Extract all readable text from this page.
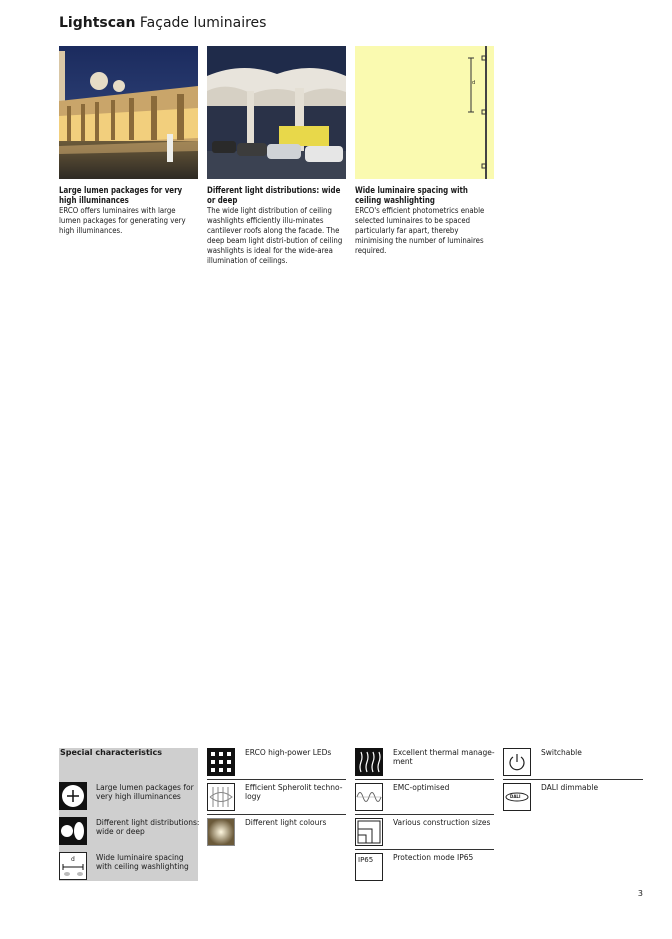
Lightscan Façade luminaires
d
Large lumen packages for very high illuminances
ERCO offers luminaires with large lumen packages for generating very high illuminances.
Different light distributions: wide or deep
The wide light distribution of ceiling washlights efficiently illu-minates cantilever roofs along the facade. The deep beam light distri-bution of ceiling washlights is ideal for the wide-area illumination of ceilings.
Wide luminaire spacing with ceiling washlighting
ERCO's efficient photometrics enable selected luminaires to be spaced particularly far apart, thereby minimising the number of luminaires required.
Special characteristics
Large lumen packages for very high illuminances
Different light distributions: wide or deep
d	Wide luminaire spacing with ceiling washlighting
ERCO high-power LEDs
Efficient Spherolit techno-logy
Different light colours
Excellent thermal manage-ment
EMC-optimised
Various construction sizes
IP65	Protection mode IP65
Switchable
DALI
DALI dimmable
3
